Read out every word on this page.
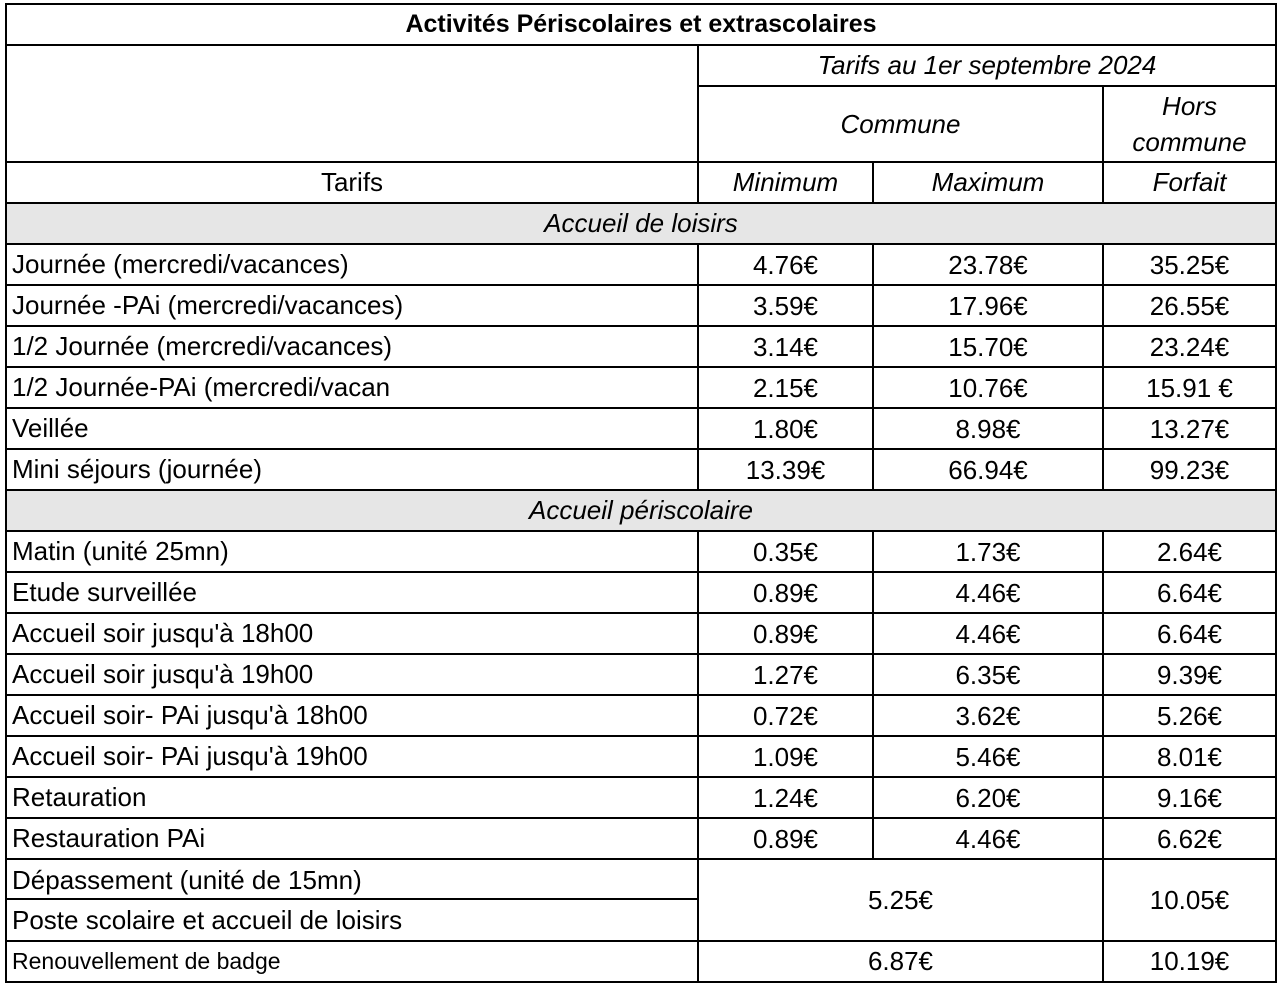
Activités Périscolaires et extrascolaires			
	Tarifs au 1er septembre 2024		
	Commune		Hors commune

Tarifs	Minimum	Maximum	Forfait
Accueil de loisirs			
Journée (mercredi/vacances)	4.76€	23.78€	35.25€
Journée -PAi (mercredi/vacances)	3.59€	17.96€	26.55€
1/2 Journée (mercredi/vacances)	3.14€	15.70€	23.24€
1/2 Journée-PAi (mercredi/vacan	2.15€	10.76€	15.91 €
Veillée	1.80€	8.98€	13.27€
Mini séjours (journée)	13.39€	66.94€	99.23€
Accueil périscolaire			
Matin (unité 25mn)	0.35€	1.73€	2.64€
Etude surveillée	0.89€	4.46€	6.64€
Accueil soir jusqu'à 18h00	0.89€	4.46€	6.64€
Accueil soir jusqu'à 19h00	1.27€	6.35€	9.39€
Accueil soir- PAi jusqu'à 18h00	0.72€	3.62€	5.26€
Accueil soir- PAi jusqu'à 19h00	1.09€	5.46€	8.01€
Retauration	1.24€	6.20€	9.16€
Restauration PAi	0.89€	4.46€	6.62€

Dépassement (unité de 15mn)
Poste scolaire et accueil de loisirs	5.25€		10.05€
Renouvellement de badge	6.87€		10.19€
